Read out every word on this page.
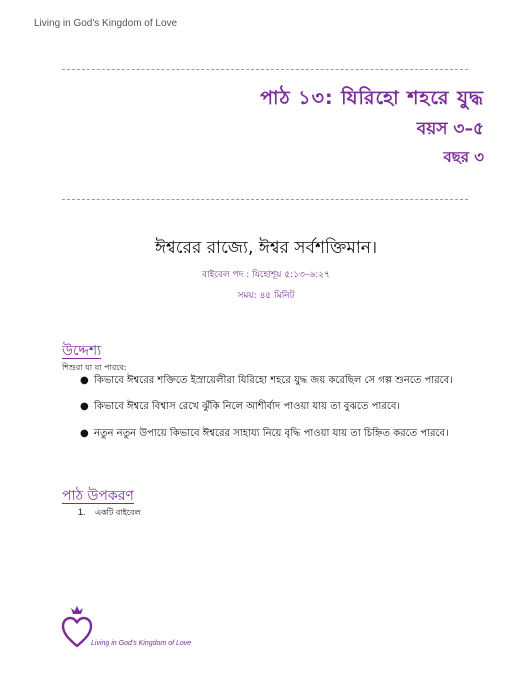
Living in God's Kingdom of Love
পাঠ ১৩: যিরিহো শহরে যুদ্ধ
বয়স ৩–৫
বছর ৩
ঈশ্বরের রাজ্যে, ঈশ্বর সর্বশক্তিমান।
বাইবেল পদ : যিহোশূয় ৫:১৩–৬:২৭
সময়: ৪৫ মিনিট
উদ্দেশ্য
শিশুরা যা যা পারবে:
● কিভাবে ঈশ্বরের শক্তিতে ইস্রায়েলীরা যিরিহো শহরে যুদ্ধ জয় করেছিল সে গল্প শুনতে পারবে।
● কিভাবে ঈশ্বরে বিশ্বাস রেখে ঝুঁকি নিলে আশীর্বাদ পাওয়া যায় তা বুঝতে পারবে।
● নতুন নতুন উপায়ে কিভাবে ঈশ্বরের সাহায্য নিয়ে বৃদ্ধি পাওয়া যায় তা চিহ্নিত করতে পারবে।
পাঠ উপকরণ
1. একটি বাইবেল
Living in God's Kingdom of Love
